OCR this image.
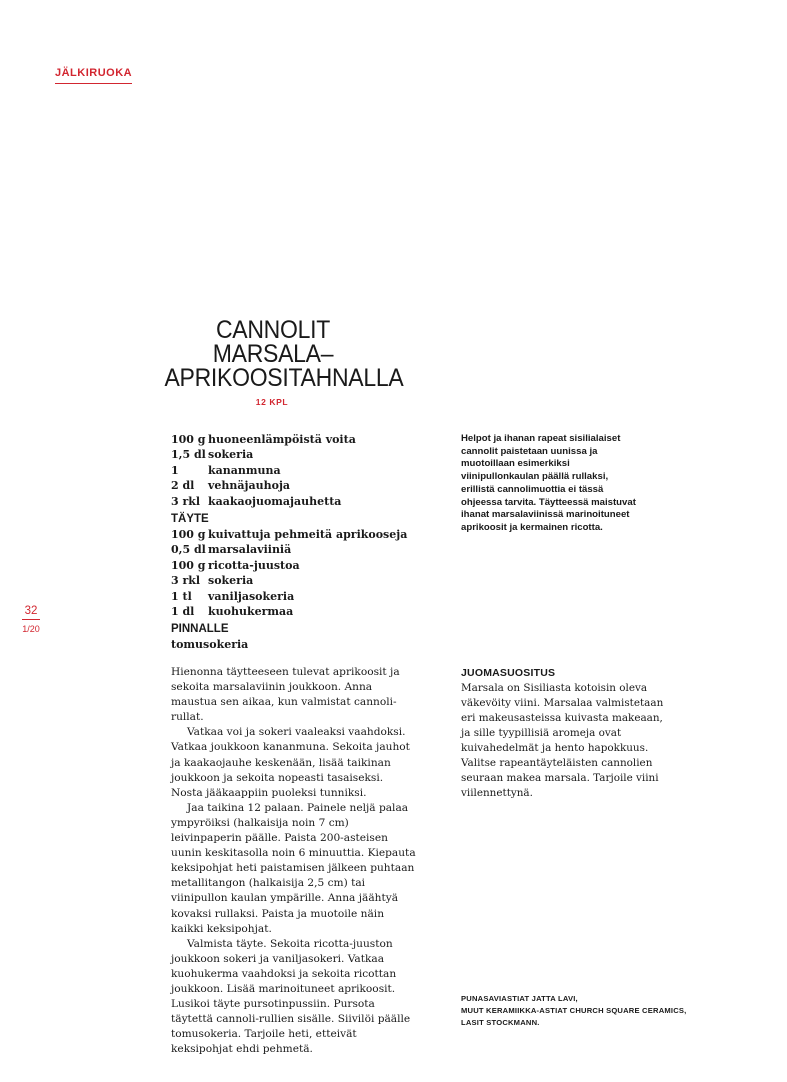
JÄLKIRUOKA
CANNOLIT
MARSALA–
APRIKOOSITAHNALLA
12 KPL
100 g huoneenlämpöistä voita
1,5 dl sokeria
1	kananmuna
2 dl	vehnäjauhoja
3 rkl kaakaojuomajauhetta
TÄYTE
100 g kuivattuja pehmeitä aprikooseja
0,5 dl marsalaviiniä
100 g ricotta-juustoa
3 rkl sokeria
1 tl	vaniljasokeria
1 dl	kuohukermaa
PINNALLE
tomusokeria
32
1/20

Hienonna täytteeseen tulevat aprikoosit ja sekoita marsalaviinin joukkoon. Anna maustua sen aikaa, kun valmistat cannoli-rullat.

Vatkaa voi ja sokeri vaaleaksi vaahdoksi. Vatkaa joukkoon kananmuna. Sekoita jauhot ja kaakaojauhe keskenään, lisää taikinan joukkoon ja sekoita nopeasti tasaiseksi. Nosta jääkaappiin puoleksi tunniksi.

Jaa taikina 12 palaan. Painele neljä palaa ympyröiksi (halkaisija noin 7 cm) leivinpaperin päälle. Paista 200-asteisen uunin keskitasolla noin 6 minuuttia. Kiepauta keksipohjat heti paistamisen jälkeen puhtaan metallitangon (halkaisija 2,5 cm) tai viinipullon kaulan ympärille. Anna jäähtyä kovaksi rullaksi. Paista ja muotoile näin kaikki keksipohjat.

Valmista täyte. Sekoita ricotta-juuston joukkoon sokeri ja vaniljasokeri. Vatkaa kuohukerma vaahdoksi ja sekoita ricottan joukkoon. Lisää marinoituneet aprikoosit. Lusikoi täyte pursotinpussiin. Pursota täytettä cannoli-rullien sisälle. Siivilöi päälle tomusokeria. Tarjoile heti, etteivät keksipohjat ehdi pehmetä.

Helpot ja ihanan rapeat sisilialaiset cannolit paistetaan uunissa ja muotoillaan esimerkiksi viinipullonkaulan päällä rullaksi, erillistä cannolimuottia ei tässä ohjeessa tarvita. Täytteessä maistuvat ihanat marsalaviinissä marinoituneet aprikoosit ja kermainen ricotta.
JUOMASUOSITUS
Marsala on Sisiliasta kotoisin oleva väkevöity viini. Marsalaa valmistetaan eri makeusasteissa kuivasta makeaan, ja sille tyypillisiä aromeja ovat kuivahedelmät ja hento hapokkuus. Valitse rapeantäyteläisten cannolien seuraan makea marsala. Tarjoile viini viilennettynä.
PUNASAVIASTIAT JATTA LAVI,
MUUT KERAMIIKKA-ASTIAT CHURCH SQUARE CERAMICS,
LASIT STOCKMANN.
